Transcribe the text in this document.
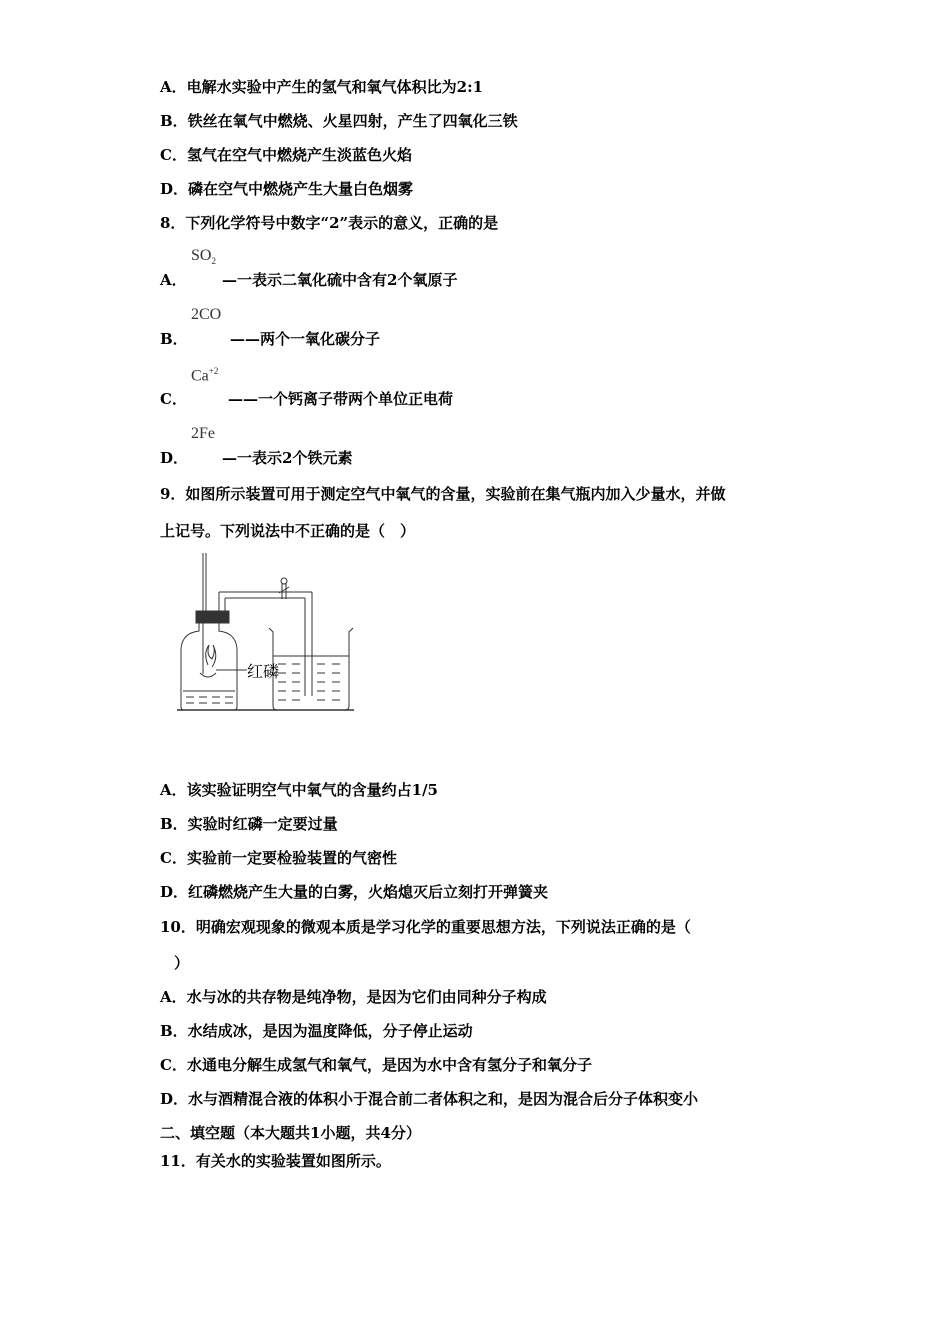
A．电解水实验中产生的氢气和氧气体积比为2:1
B．铁丝在氧气中燃烧、火星四射，产生了四氧化三铁
C．氢气在空气中燃烧产生淡蓝色火焰
D．磷在空气中燃烧产生大量白色烟雾
8．下列化学符号中数字“2”表示的意义，正确的是
A．
$SO_2$
—一表示二氧化硫中含有2个氧原子
B．
2CO
——两个一氧化碳分子
C．
$Ca^{+2}$
——一个钙离子带两个单位正电荷
D．
2Fe
—一表示2个铁元素
9．如图所示装置可用于测定空气中氧气的含量，实验前在集气瓶内加入少量水，并做
上记号。下列说法中不正确的是（　）
红磷
A．该实验证明空气中氧气的含量约占1/5
B．实验时红磷一定要过量
C．实验前一定要检验装置的气密性
D．红磷燃烧产生大量的白雾，火焰熄灭后立刻打开弹簧夹
10．明确宏观现象的微观本质是学习化学的重要思想方法，下列说法正确的是（
）
A．水与冰的共存物是纯净物，是因为它们由同种分子构成
B．水结成冰，是因为温度降低，分子停止运动
C．水通电分解生成氢气和氧气，是因为水中含有氢分子和氧分子
D．水与酒精混合液的体积小于混合前二者体积之和，是因为混合后分子体积变小
二、填空题（本大题共1小题，共4分）
11．有关水的实验装置如图所示。
